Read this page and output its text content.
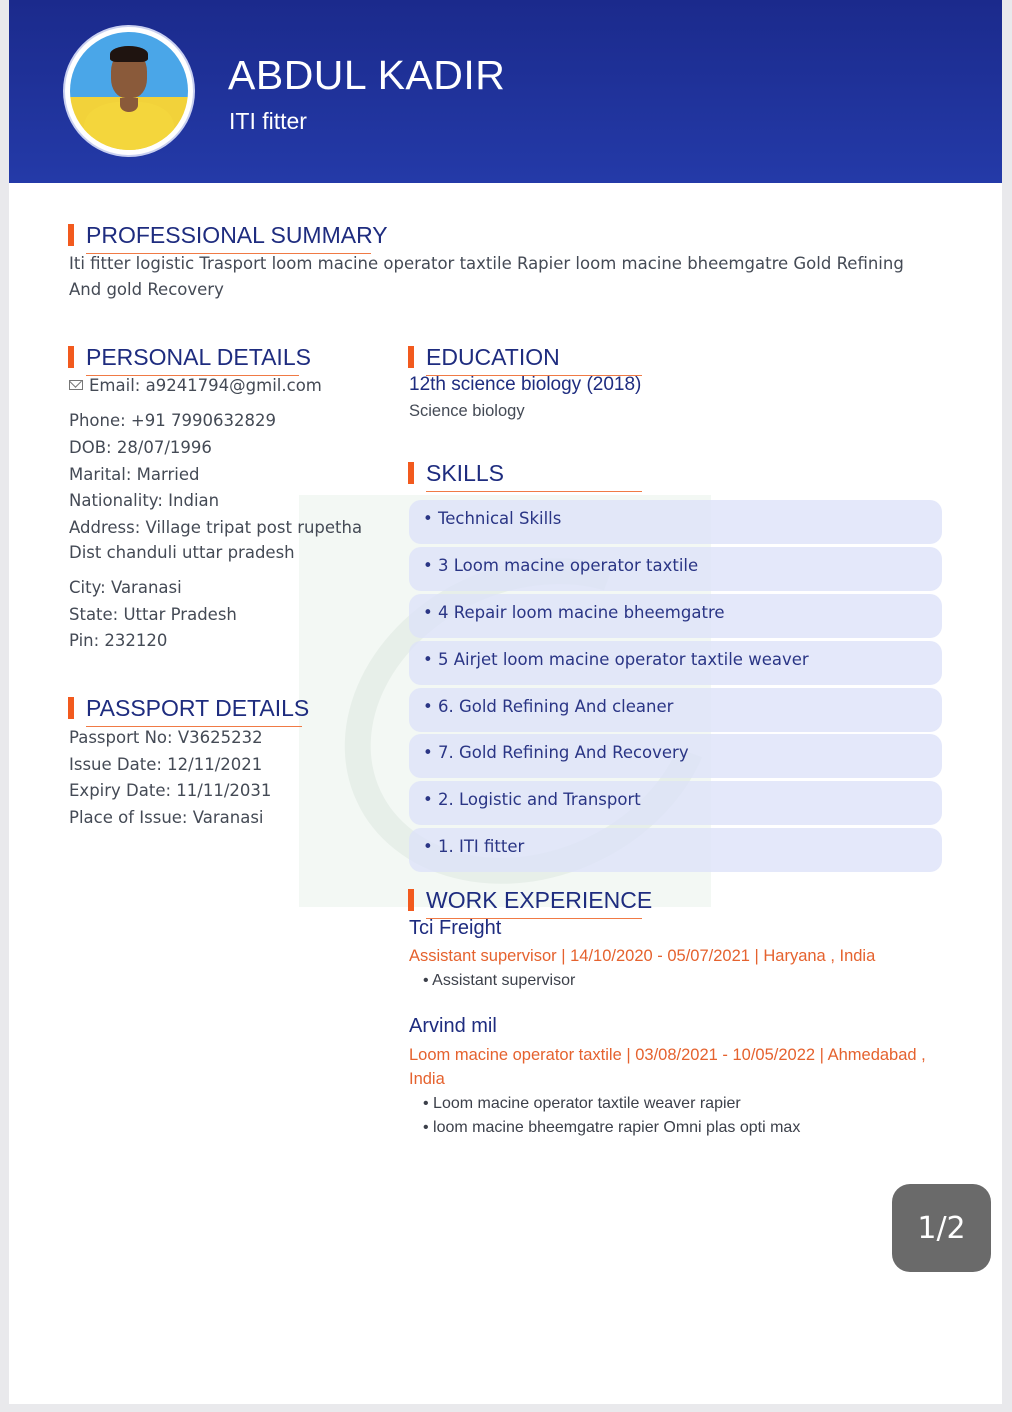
ABDUL KADIR
ITI fitter
PROFESSIONAL SUMMARY
Iti fitter logistic Trasport loom macine operator taxtile Rapier loom macine bheemgatre Gold Refining
And gold Recovery
PERSONAL DETAILS
Email: a9241794@gmil.com
Phone: +91 7990632829
DOB: 28/07/1996
Marital: Married
Nationality: Indian
Address: Village tripat post rupetha
Dist chanduli uttar pradesh
City: Varanasi
State: Uttar Pradesh
Pin: 232120
PASSPORT DETAILS
Passport No: V3625232
Issue Date: 12/11/2021
Expiry Date: 11/11/2031
Place of Issue: Varanasi
EDUCATION
12th science biology (2018)
Science biology
SKILLS
• Technical Skills
• 3 Loom macine operator taxtile
• 4 Repair loom macine bheemgatre
• 5 Airjet loom macine operator taxtile weaver
• 6. Gold Refining And cleaner
• 7. Gold Refining And Recovery
• 2. Logistic and Transport
• 1. ITI fitter
WORK EXPERIENCE
Tci Freight
Assistant supervisor | 14/10/2020 - 05/07/2021 | Haryana , India
• Assistant supervisor
Arvind mil
Loom macine operator taxtile | 03/08/2021 - 10/05/2022 | Ahmedabad ,
India
• Loom macine operator taxtile weaver rapier
• loom macine bheemgatre rapier Omni plas opti max
1/2
